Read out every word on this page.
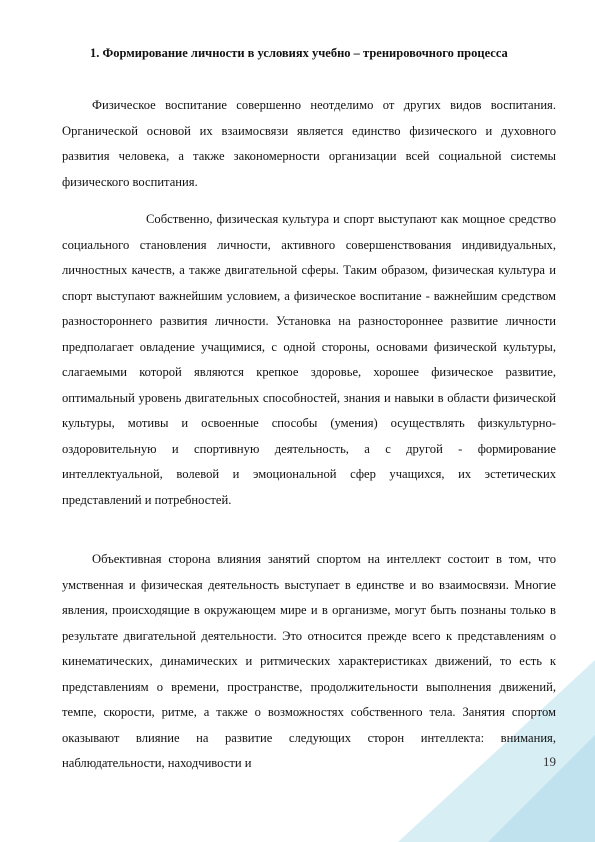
1. Формирование личности в условиях учебно – тренировочного процесса

Физическое воспитание совершенно неотделимо от других видов воспитания. Органической основой их взаимосвязи является единство физического и духовного развития человека, а также закономерности организации всей социальной системы физического воспитания.

Собственно, физическая культура и спорт выступают как мощное средство социального становления личности, активного совершенствования индивидуальных, личностных качеств, а также двигательной сферы. Таким образом, физическая культура и спорт выступают важнейшим условием, а физическое воспитание - важнейшим средством разностороннего развития личности. Установка на разностороннее развитие личности предполагает овладение учащимися, с одной стороны, основами физической культуры, слагаемыми которой являются крепкое здоровье, хорошее физическое развитие, оптимальный уровень двигательных способностей, знания и навыки в области физической культуры, мотивы и освоенные способы (умения) осуществлять физкультурно-оздоровительную и спортивную деятельность, а с другой - формирование интеллектуальной, волевой и эмоциональной сфер учащихся, их эстетических представлений и потребностей.

Объективная сторона влияния занятий спортом на интеллект состоит в том, что умственная и физическая деятельность выступает в единстве и во взаимосвязи. Многие явления, происходящие в окружающем мире и в организме, могут быть познаны только в результате двигательной деятельности. Это относится прежде всего к представлениям о кинематических, динамических и ритмических характеристиках движений, то есть к представлениям о времени, пространстве, продолжительности выполнения движений, темпе, скорости, ритме, а также о возможностях собственного тела. Занятия спортом оказывают влияние на развитие следующих сторон интеллекта: внимания, наблюдательности, находчивости и	19
